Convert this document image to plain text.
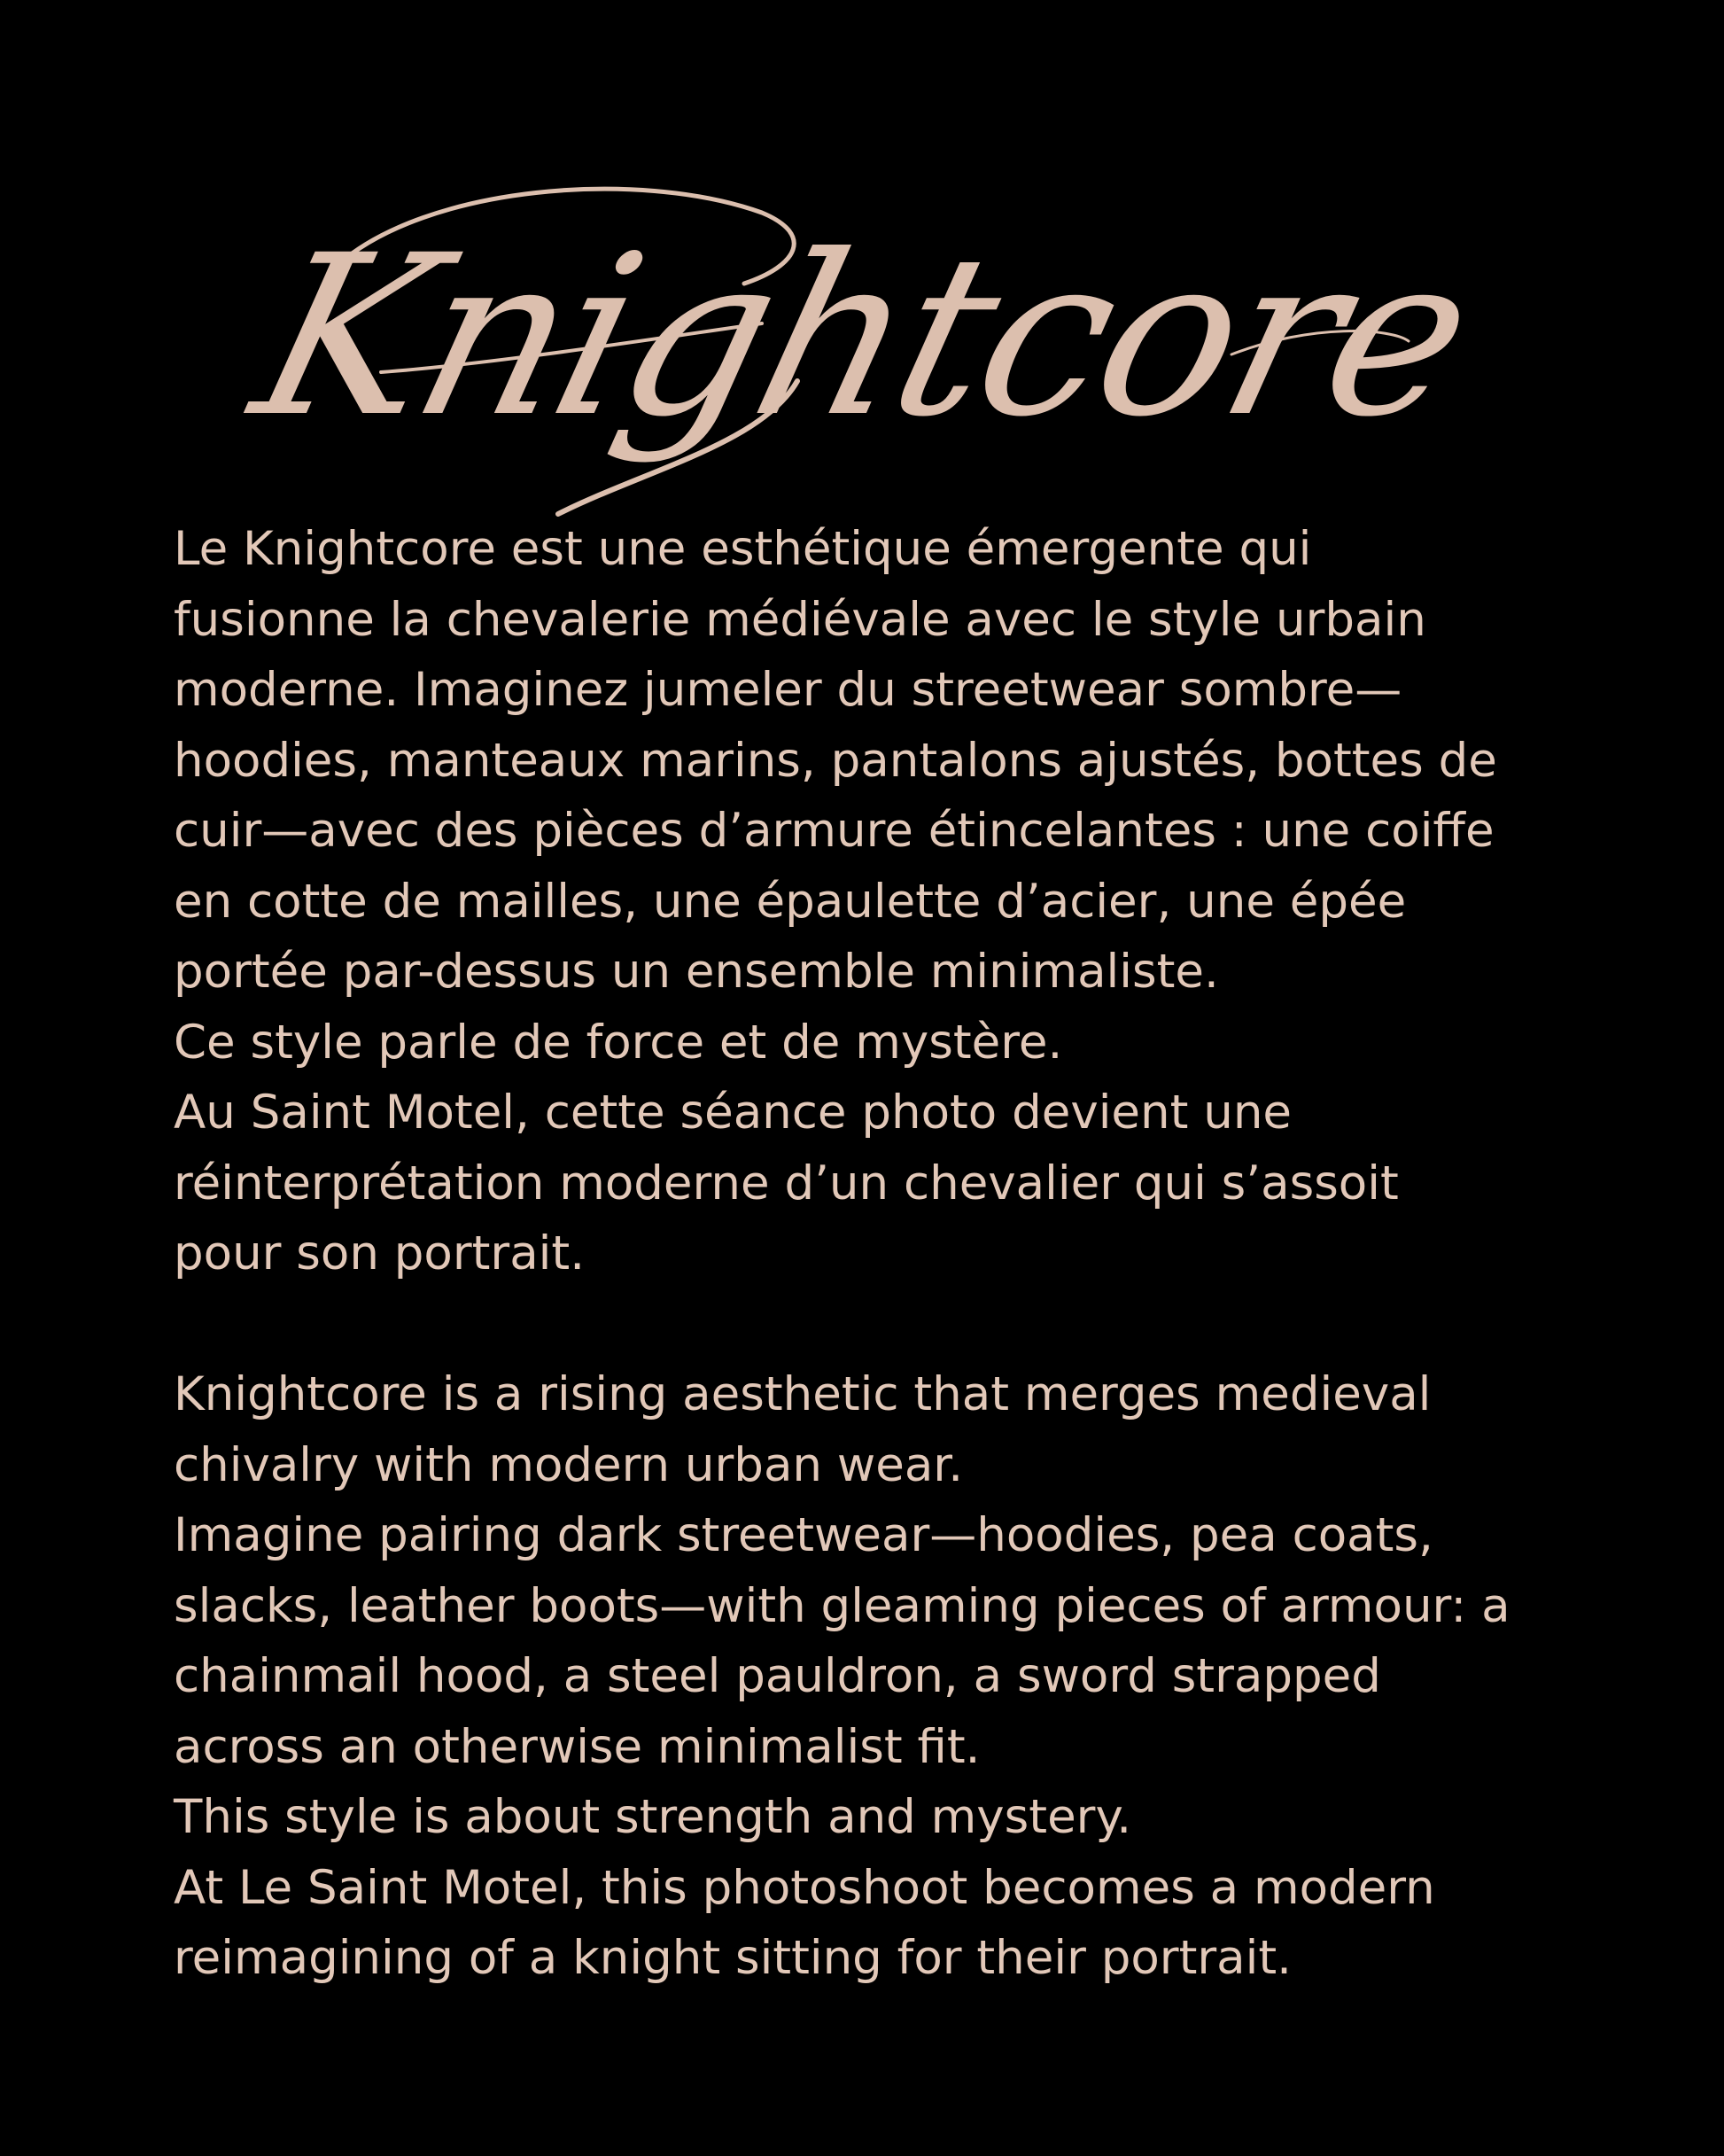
Knightcore
Le Knightcore est une esthétique émergente qui
fusionne la chevalerie médiévale avec le style urbain
moderne. Imaginez jumeler du streetwear sombre—
hoodies, manteaux marins, pantalons ajustés, bottes de
cuir—avec des pièces d’armure étincelantes : une coiffe
en cotte de mailles, une épaulette d’acier, une épée
portée par-dessus un ensemble minimaliste.
Ce style parle de force et de mystère.
Au Saint Motel, cette séance photo devient une
réinterprétation moderne d’un chevalier qui s’assoit
pour son portrait.
Knightcore is a rising aesthetic that merges medieval
chivalry with modern urban wear.
Imagine pairing dark streetwear—hoodies, pea coats,
slacks, leather boots—with gleaming pieces of armour: a
chainmail hood, a steel pauldron, a sword strapped
across an otherwise minimalist fit.
This style is about strength and mystery.
At Le Saint Motel, this photoshoot becomes a modern
reimagining of a knight sitting for their portrait.
